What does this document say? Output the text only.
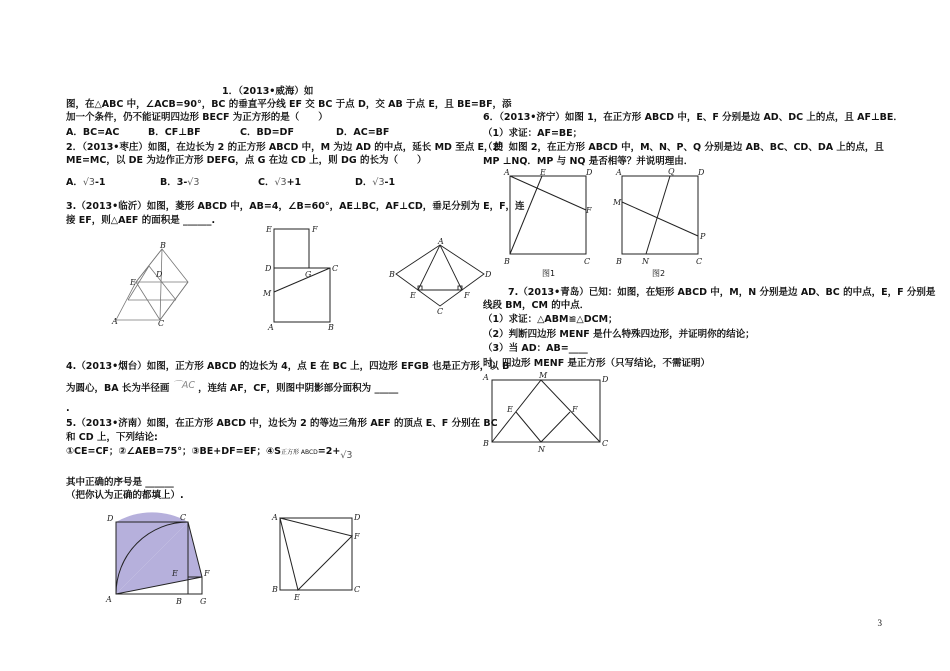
1．（2013•威海）如
图，在△ABC 中，∠ACB=90°，BC 的垂直平分线 EF 交 BC 于点 D，交 AB 于点 E，且 BE=BF，添
加一个条件，仍不能证明四边形 BECF 为正方形的是（　　）
A．BC=AC	B．CF⊥BF	C．BD=DF	D．AC=BF
2．（2013•枣庄）如图，在边长为 2 的正方形 ABCD 中，M 为边 AD 的中点，延长 MD 至点 E，使
ME=MC，以 DE 为边作正方形 DEFG，点 G 在边 CD 上，则 DG 的长为（　　）
A．√3-1	B．3-√3	C．√3+1	D．√3-1
3.（2013•临沂）如图，菱形 ABCD 中，AB=4，∠B=60°，AE⊥BC，AF⊥CD，垂足分别为 E，F，连
接 EF，则△AEF 的面积是 ______.
B
E
D
A	C
E	F
D
G
C
M
A	B
A
B	D
E	F
C
4.（2013•烟台）如图，正方形 ABCD 的边长为 4，点 E 在 BC 上，四边形 EFGB 也是正方形，以 B
为圆心，BA 长为半径画 ⌒AC ，连结 AF，CF，则图中阴影部分面积为 _____
.
5.（2013•济南）如图，在正方形 ABCD 中，边长为 2 的等边三角形 AEF 的顶点 E、F 分别在 BC
和 CD 上，下列结论:
①CE=CF；②∠AEB=75°；③BE+DF=EF；④S正方形 ABCD=2+√3
其中正确的序号是 ______
（把你认为正确的都填上）.
D	C
E	F
A	B G
A	D
F
B
E
C
6．（2013•济宁）如图 1，在正方形 ABCD 中，E、F 分别是边 AD、DC 上的点，且 AF⊥BE．
（1）求证：AF=BE；
（2）如图 2，在正方形 ABCD 中，M、N、P、Q 分别是边 AB、BC、CD、DA 上的点，且
MP ⊥NQ．MP 与 NQ 是否相等？并说明理由．
A	E	D
F
B	C
图1
A	Q	D
M
P
B	N	C
图2
7.（2013•青岛）已知：如图，在矩形 ABCD 中，M，N 分别是边 AD、BC 的中点，E，F 分别是
线段 BM，CM 的中点．
（1）求证：△ABM≌△DCM；
（2）判断四边形 MENF 是什么特殊四边形，并证明你的结论；
（3）当 AD：AB=____
时，四边形 MENF 是正方形（只写结论，不需证明）
A	M	D
E	F
B
N
C
3
